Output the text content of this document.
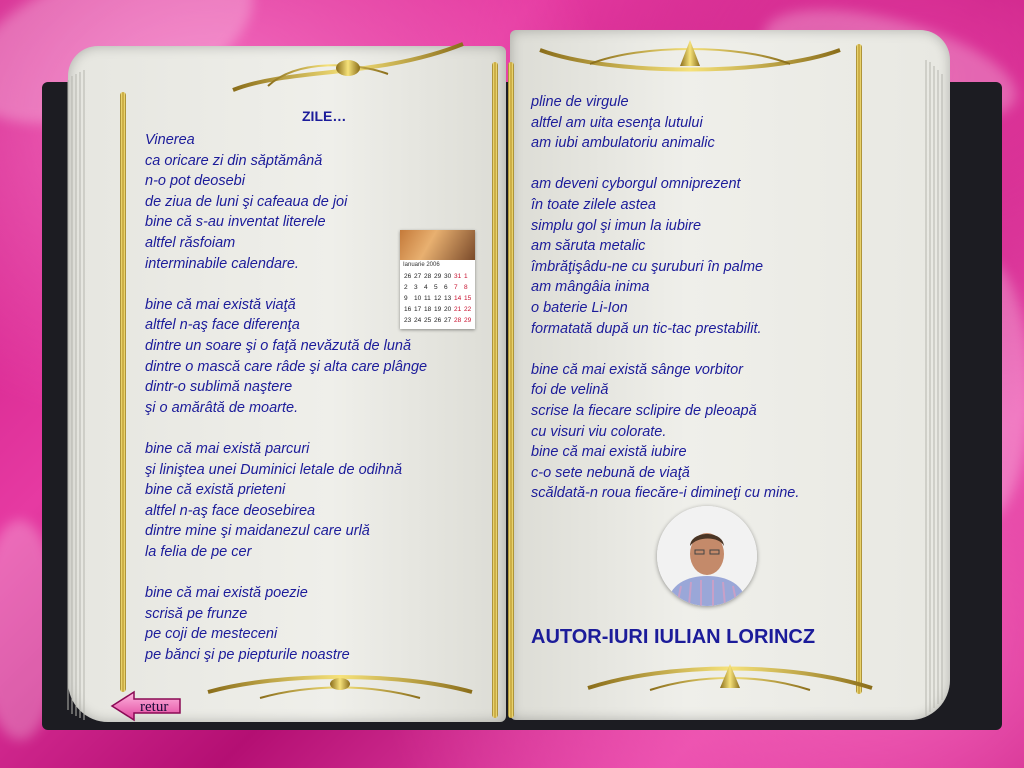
ZILE…
Vinerea
ca oricare zi din săptămână
n-o pot deosebi
de ziua de luni şi cafeaua de joi
bine că s-au inventat literele
altfel răsfoiam
interminabile calendare.
bine că mai există viaţă
altfel n-aş face diferenţa
dintre un soare şi o faţă nevăzută de lună
dintre o mască care râde şi alta care plânge
dintr-o sublimă naştere
şi o amărâtă de moarte.
bine că mai există parcuri
şi liniştea unei Duminici letale de odihnă
bine că există prieteni
altfel n-aş face deosebirea
dintre mine şi maidanezul care urlă
la felia de pe cer
bine că mai există poezie
scrisă pe frunze
pe coji de mesteceni
pe bănci şi pe piepturile noastre
pline de virgule
altfel am uita esenţa lutului
am iubi ambulatoriu animalic
am deveni cyborgul omniprezent
în toate zilele astea
simplu gol şi imun la iubire
am săruta metalic
îmbrăţişâdu-ne cu şuruburi în palme
am mângâia inima
o baterie Li-Ion
formatată după un tic-tac prestabilit.
bine că mai există sânge vorbitor
foi de velină
scrise la fiecare sclipire de pleoapă
cu visuri viu colorate.
bine că mai există iubire
c-o sete nebună de viaţă
scăldată-n roua fiecăre-i dimineţi cu mine.
Ianuarie 2006
26 27 28 29 30 31 1
2 3 4 5 6 7 8
9 10 11 12 13 14 15
16 17 18 19 20 21 22
23 24 25 26 27 28 29
AUTOR-IURI IULIAN LORINCZ
retur
